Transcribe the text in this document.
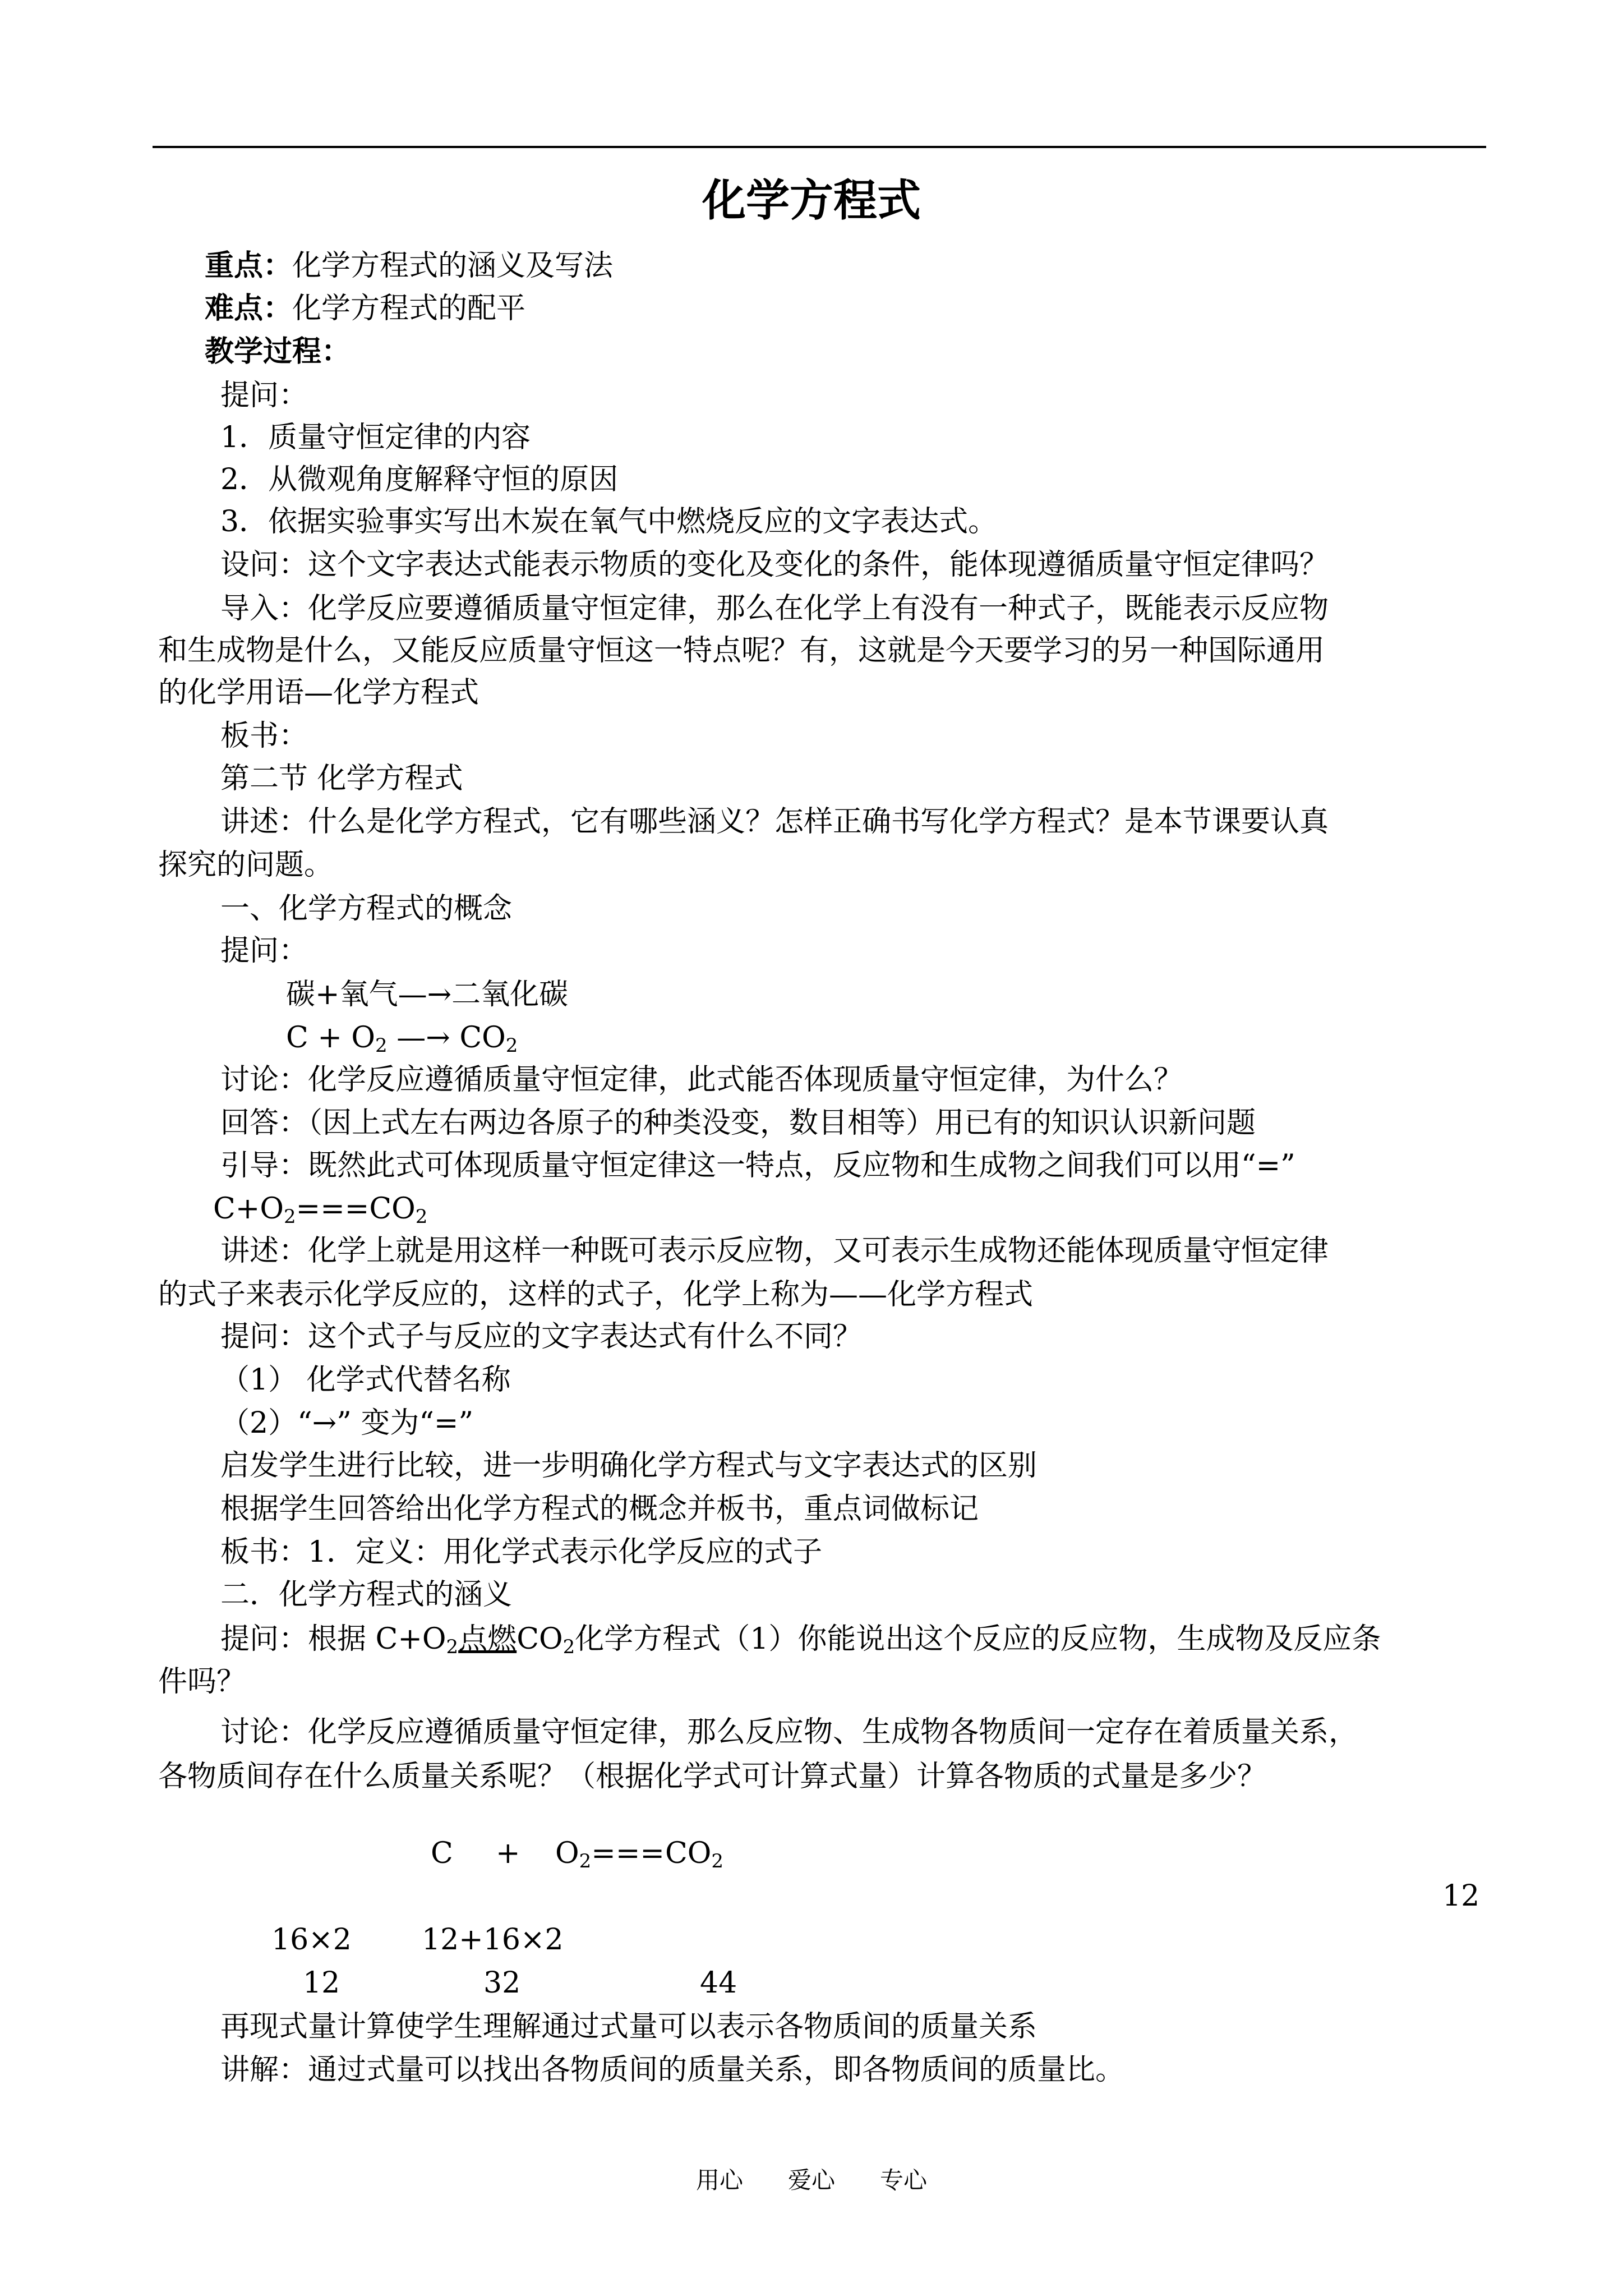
化学方程式
重点：化学方程式的涵义及写法
难点：化学方程式的配平
教学过程：
提问：
1．质量守恒定律的内容
2．从微观角度解释守恒的原因
3．依据实验事实写出木炭在氧气中燃烧反应的文字表达式。
设问：这个文字表达式能表示物质的变化及变化的条件，能体现遵循质量守恒定律吗？
导入：化学反应要遵循质量守恒定律，那么在化学上有没有一种式子，既能表示反应物
和生成物是什么，又能反应质量守恒这一特点呢？有，这就是今天要学习的另一种国际通用
的化学用语—化学方程式
板书：
第二节 化学方程式
讲述：什么是化学方程式，它有哪些涵义？怎样正确书写化学方程式？是本节课要认真
探究的问题。
一、化学方程式的概念
提问：
碳+氧气—→二氧化碳
$C + O_2$ —→ $CO_2$
讨论：化学反应遵循质量守恒定律，此式能否体现质量守恒定律，为什么？
回答：（因上式左右两边各原子的种类没变，数目相等）用已有的知识认识新问题
引导：既然此式可体现质量守恒定律这一特点，反应物和生成物之间我们可以用“=”
$C+O_2===CO_2$
讲述：化学上就是用这样一种既可表示反应物，又可表示生成物还能体现质量守恒定律
的式子来表示化学反应的，这样的式子，化学上称为——化学方程式
提问：这个式子与反应的文字表达式有什么不同？
（1） 化学式代替名称
（2）“→” 变为“=”
启发学生进行比较，进一步明确化学方程式与文字表达式的区别
根据学生回答给出化学方程式的概念并板书，重点词做标记
板书：1．定义：用化学式表示化学反应的式子
二．化学方程式的涵义
提问：根据 $C+O_2$点燃$CO_2$化学方程式（1）你能说出这个反应的反应物，生成物及反应条
件吗？
讨论：化学反应遵循质量守恒定律，那么反应物、生成物各物质间一定存在着质量关系，
各物质间存在什么质量关系呢？（根据化学式可计算式量）计算各物质的式量是多少？
$C + O_2=== CO_2$
12
16×2 12+16×2
12	32	44
再现式量计算使学生理解通过式量可以表示各物质间的质量关系
讲解：通过式量可以找出各物质间的质量关系，即各物质间的质量比。
用心 爱心 专心
